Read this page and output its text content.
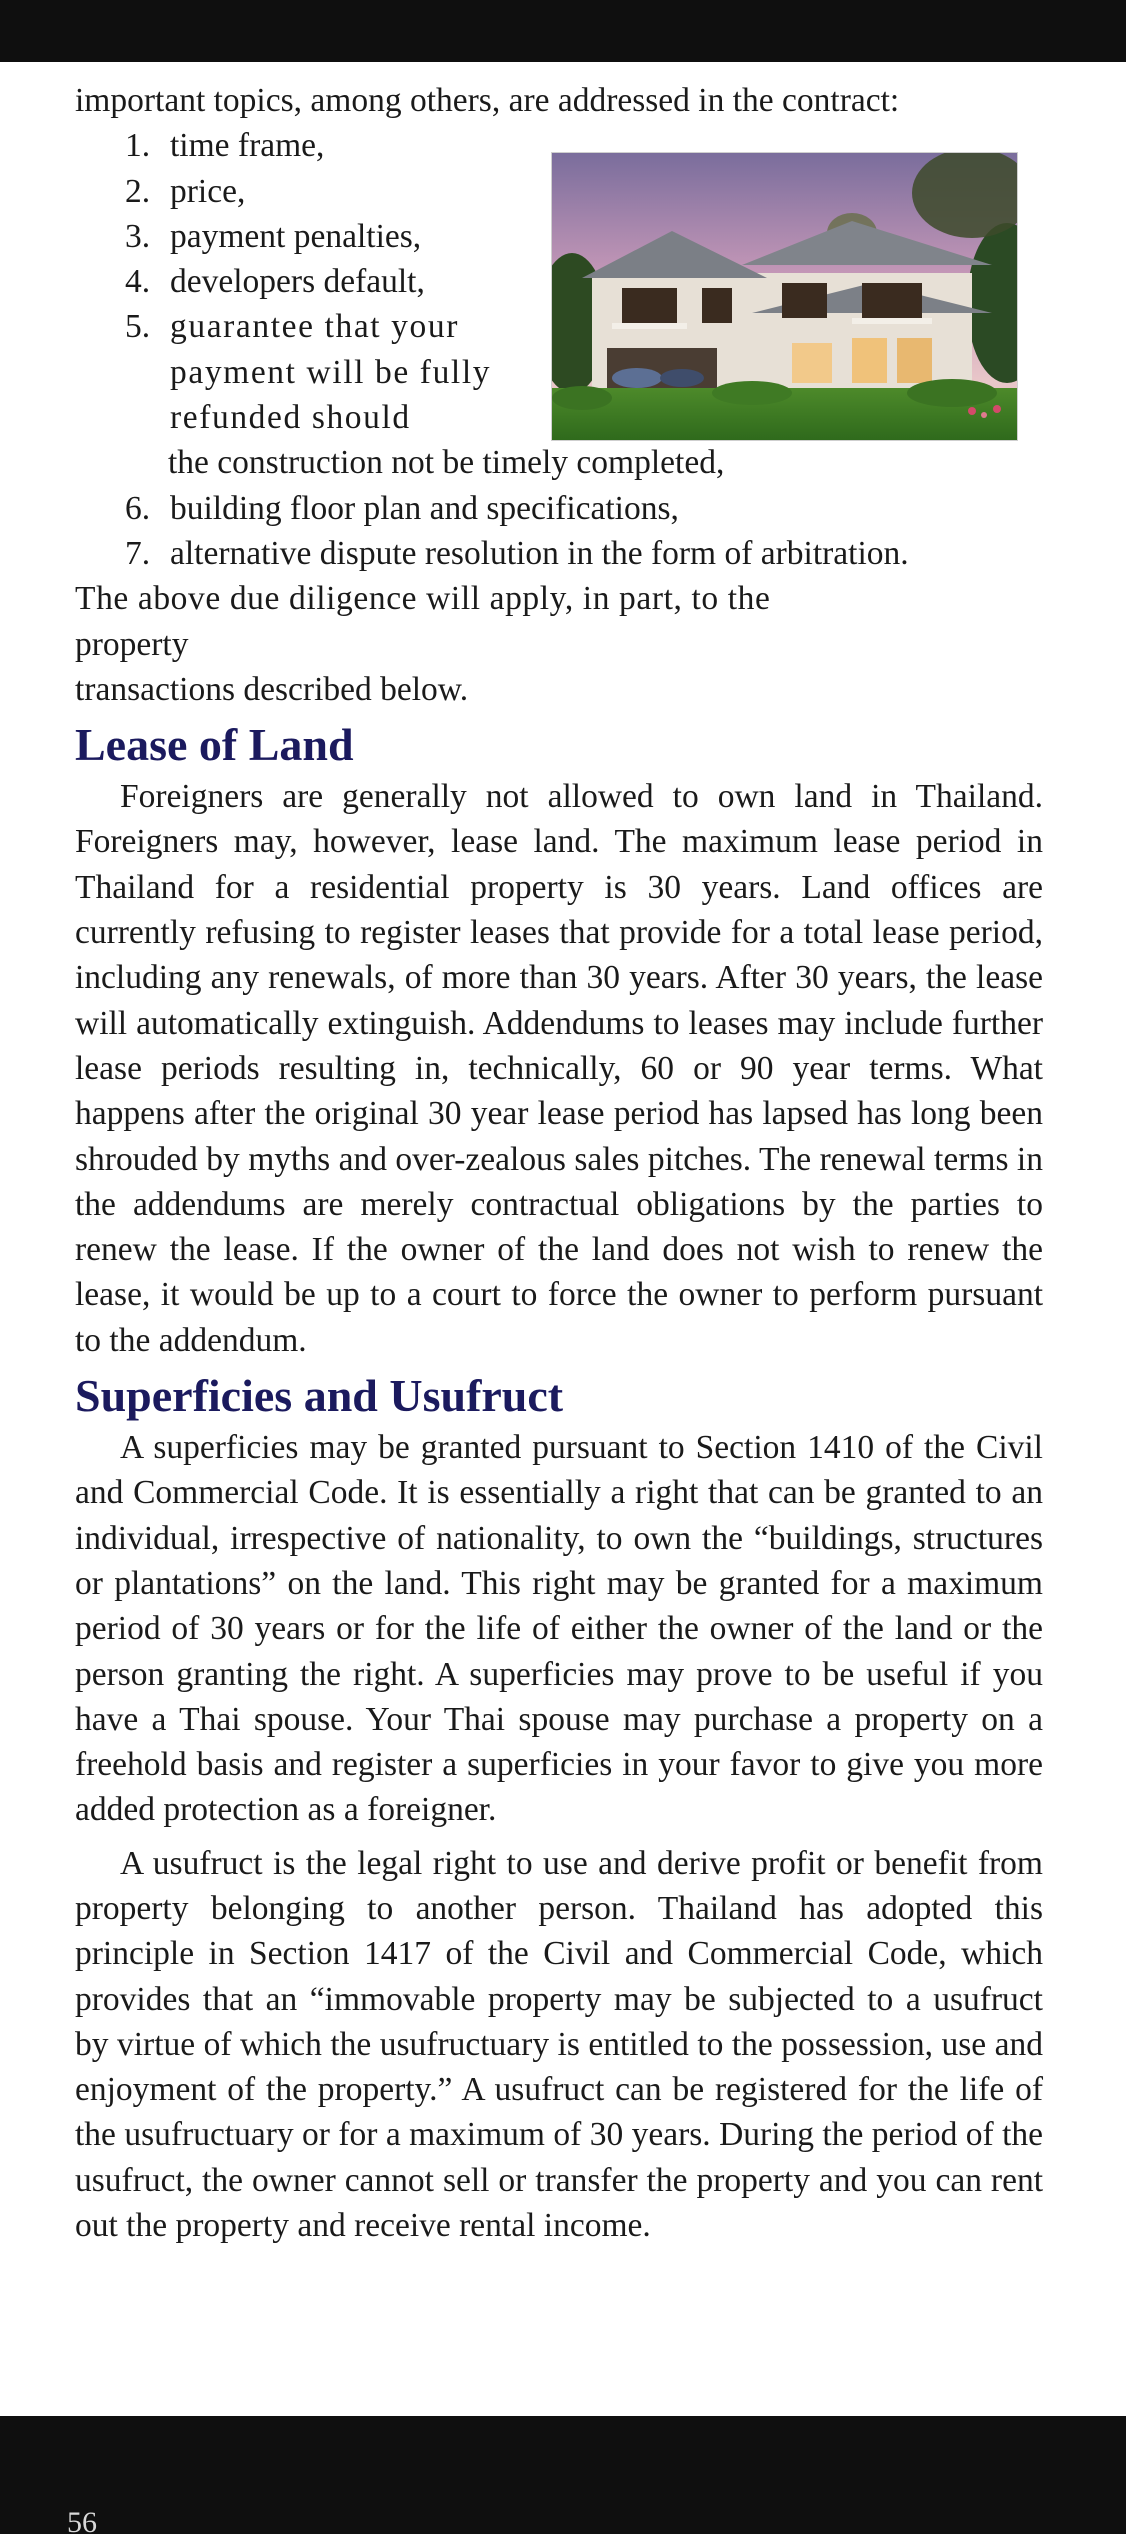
important topics, among others, are addressed in the contract:

1. time frame,
2. price,
3. payment penalties,
4. developers default,
5. guarantee that your payment will be fully refunded should
the construction not be timely completed,
6. building floor plan and specifications,
7. alternative dispute resolution in the form of arbitration.
The above due diligence will apply, in part, to the
property
transactions described below.
Lease of Land

Foreigners are generally not allowed to own land in Thailand. Foreigners may, however, lease land. The maximum lease period in Thailand for a residential property is 30 years. Land offices are currently refusing to register leases that provide for a total lease period, including any renewals, of more than 30 years. After 30 years, the lease will automatically extinguish. Addendums to leases may include further lease periods resulting in, technically, 60 or 90 year terms. What happens after the original 30 year lease period has lapsed has long been shrouded by myths and over-zealous sales pitches. The renewal terms in the addendums are merely contractual obligations by the parties to renew the lease. If the owner of the land does not wish to renew the lease, it would be up to a court to force the owner to perform pursuant to the addendum.

Superficies and Usufruct

A superficies may be granted pursuant to Section 1410 of the Civil and Commercial Code. It is essentially a right that can be granted to an individual, irrespective of nationality, to own the “buildings, structures or plantations” on the land. This right may be granted for a maximum period of 30 years or for the life of either the owner of the land or the person granting the right. A superficies may prove to be useful if you have a Thai spouse. Your Thai spouse may purchase a property on a freehold basis and register a superficies in your favor to give you more added protection as a foreigner.

A usufruct is the legal right to use and derive profit or benefit from property belonging to another person. Thailand has adopted this principle in Section 1417 of the Civil and Commercial Code, which provides that an “immovable property may be subjected to a usufruct by virtue of which the usufructuary is entitled to the possession, use and enjoyment of the property.” A usufruct can be registered for the life of the usufructuary or for a maximum of 30 years. During the period of the usufruct, the owner cannot sell or transfer the property and you can rent out the property and receive rental income.

56
